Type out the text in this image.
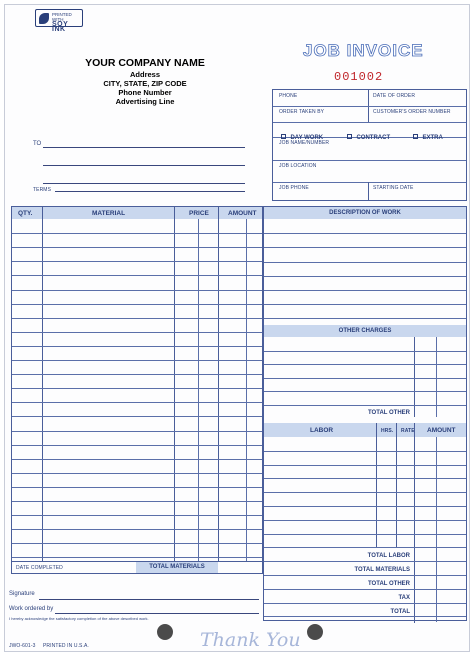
PRINTED WITH
SOY INK
YOUR COMPANY NAME
Address
CITY, STATE, ZIP CODE
Phone Number
Advertising Line
TO
TERMS
JOB INVOICE
001002
PHONE	DATE OF ORDER
ORDER TAKEN BY	CUSTOMER'S ORDER NUMBER
DAY WORK	CONTRACT	EXTRA
JOB NAME/NUMBER
JOB LOCATION
JOB PHONE	STARTING DATE
QTY.	MATERIAL	PRICE	AMOUNT
DATE COMPLETED	TOTAL MATERIALS
DESCRIPTION OF WORK
OTHER CHARGES
TOTAL OTHER
LABOR	HRS. RATE AMOUNT
TOTAL LABOR
TOTAL MATERIALS
TOTAL OTHER
TAX
TOTAL
Signature
Work ordered by
I hereby acknowledge the satisfactory completion of the above described work.
Thank You
JWO-601-3 PRINTED IN U.S.A.
